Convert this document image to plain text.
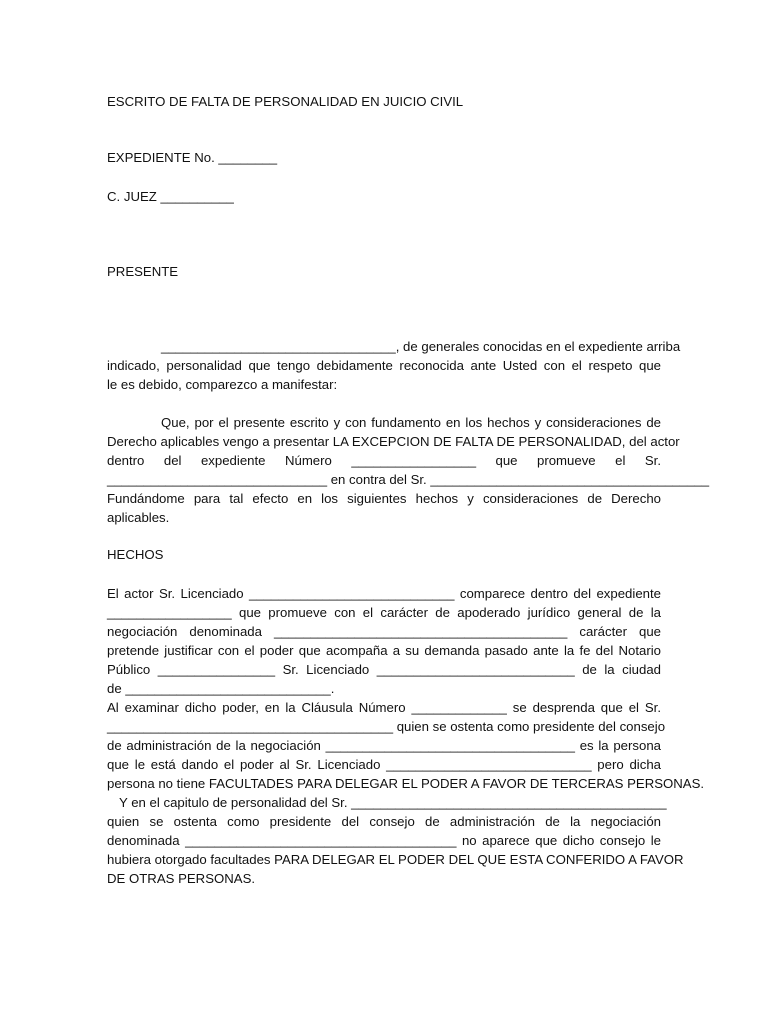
ESCRITO DE FALTA DE PERSONALIDAD EN JUICIO CIVIL
EXPEDIENTE No. ________
C. JUEZ __________
PRESENTE
________________________________, de generales conocidas en el expediente arriba
indicado, personalidad que tengo debidamente reconocida ante Usted con el respeto que
le es debido, comparezco a manifestar:
Que, por el presente escrito y con fundamento en los hechos y consideraciones de
Derecho aplicables vengo a presentar LA EXCEPCION DE FALTA DE PERSONALIDAD, del actor
dentro del expediente Número _________________ que promueve el Sr.
______________________________ en contra del Sr. ______________________________________
Fundándome para tal efecto en los siguientes hechos y consideraciones de Derecho
aplicables.
HECHOS
El actor Sr. Licenciado ____________________________ comparece dentro del expediente
_________________ que promueve con el carácter de apoderado jurídico general de la
negociación denominada ________________________________________ carácter que
pretende justificar con el poder que acompaña a su demanda pasado ante la fe del Notario
Público ________________ Sr. Licenciado ___________________________ de la ciudad
de ____________________________.
Al examinar dicho poder, en la Cláusula Número _____________ se desprenda que el Sr.
_______________________________________ quien se ostenta como presidente del consejo
de administración de la negociación __________________________________ es la persona
que le está dando el poder al Sr. Licenciado ____________________________ pero dicha
persona no tiene FACULTADES PARA DELEGAR EL PODER A FAVOR DE TERCERAS PERSONAS.
Y en el capitulo de personalidad del Sr. ___________________________________________
quien se ostenta como presidente del consejo de administración de la negociación
denominada _____________________________________ no aparece que dicho consejo le
hubiera otorgado facultades PARA DELEGAR EL PODER DEL QUE ESTA CONFERIDO A FAVOR
DE OTRAS PERSONAS.
